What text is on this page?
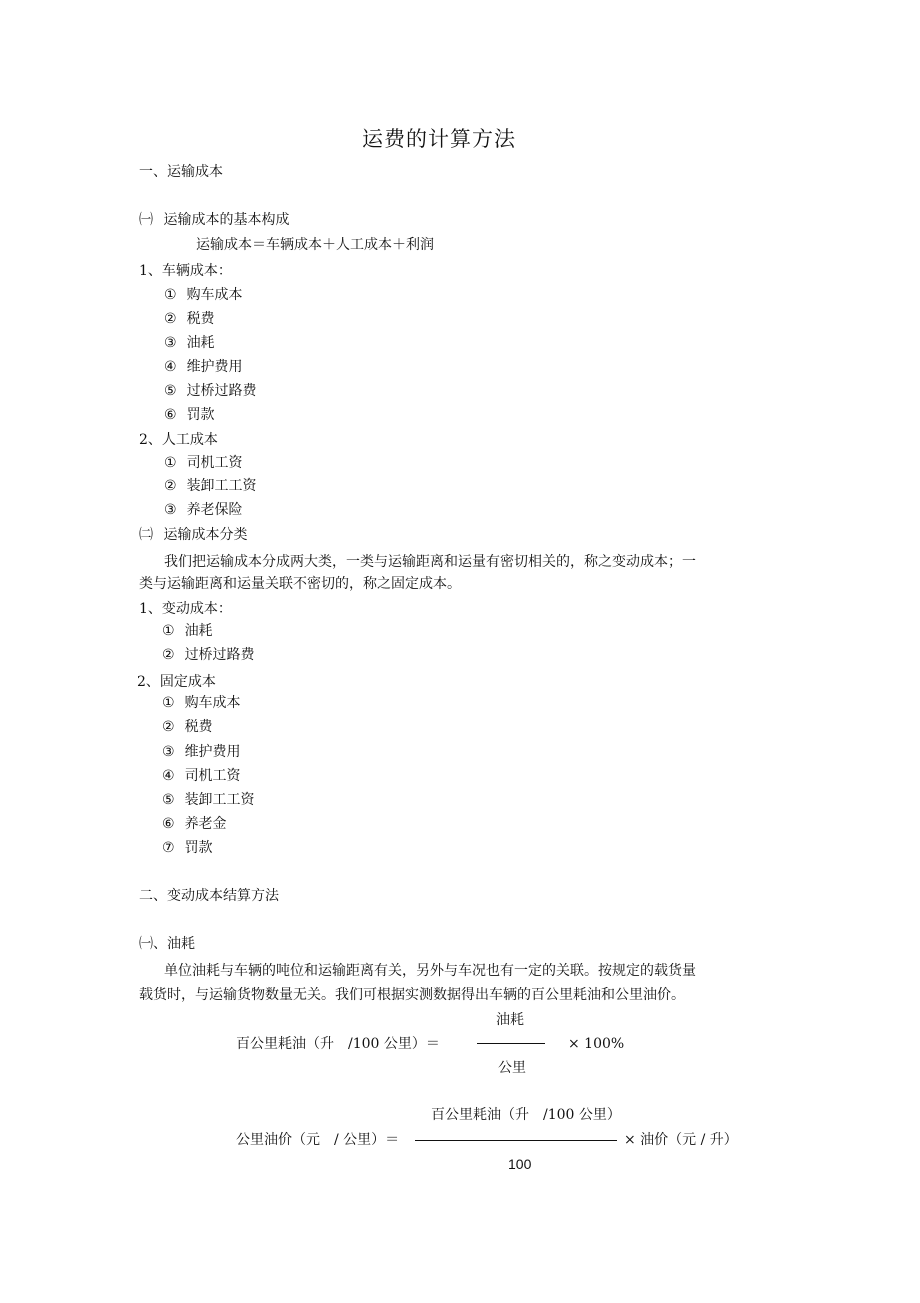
运费的计算方法
一、运输成本
㈠ 运输成本的基本构成
运输成本＝车辆成本＋人工成本＋利润
1、车辆成本：
① 购车成本
② 税费
③ 油耗
④ 维护费用
⑤ 过桥过路费
⑥ 罚款
2、人工成本
① 司机工资
② 装卸工工资
③ 养老保险
㈡ 运输成本分类
我们把运输成本分成两大类，一类与运输距离和运量有密切相关的，称之变动成本；一
类与运输距离和运量关联不密切的，称之固定成本。
1、变动成本：
① 油耗
② 过桥过路费
2、固定成本
① 购车成本
② 税费
③ 维护费用
④ 司机工资
⑤ 装卸工工资
⑥ 养老金
⑦ 罚款
二、变动成本结算方法
㈠、油耗
单位油耗与车辆的吨位和运输距离有关，另外与车况也有一定的关联。按规定的载货量
载货时，与运输货物数量无关。我们可根据实测数据得出车辆的百公里耗油和公里油价。
百公里耗油（升　/100 公里）＝
油耗
公里
× 100%
公里油价（元　/ 公里）＝
百公里耗油（升　/100 公里）
100
× 油价（元 / 升）
